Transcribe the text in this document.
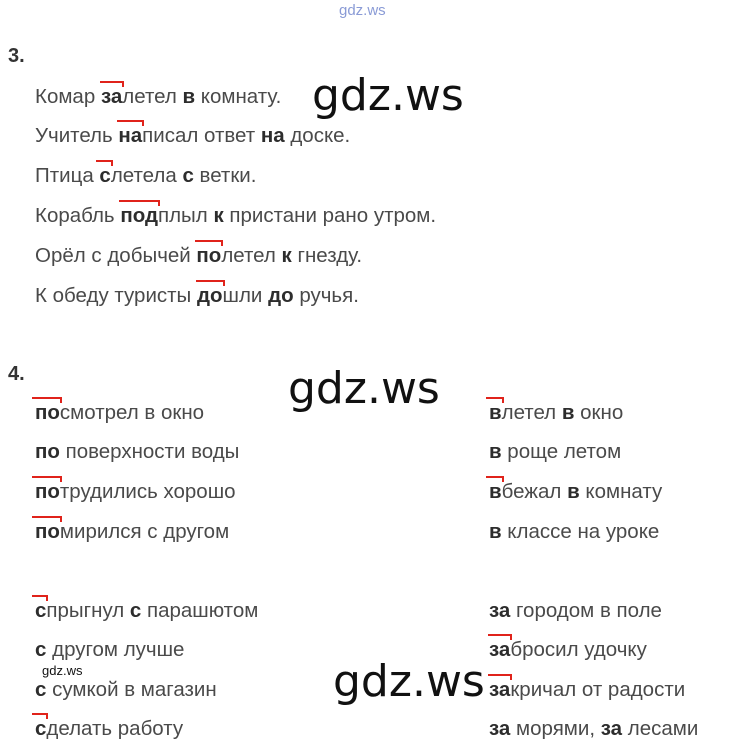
gdz.ws
3.
Комар залетел в комнату.
Учитель написал ответ на доске.
Птица слетела с ветки.
Корабль подплыл к пристани рано утром.
Орёл с добычей полетел к гнезду.
К обеду туристы дошли до ручья.
gdz.ws
4.	gdz.ws
посмотрел в окно
по поверхности воды
потрудились хорошо
помирился с другом
спрыгнул с парашютом
с другом лучше
gdz.ws
с сумкой в магазин
сделать работу
влетел в окно
в роще летом
вбежал в комнату
в классе на уроке
за городом в поле
забросил удочку
закричал от радости
за морями, за лесами
gdz.ws
